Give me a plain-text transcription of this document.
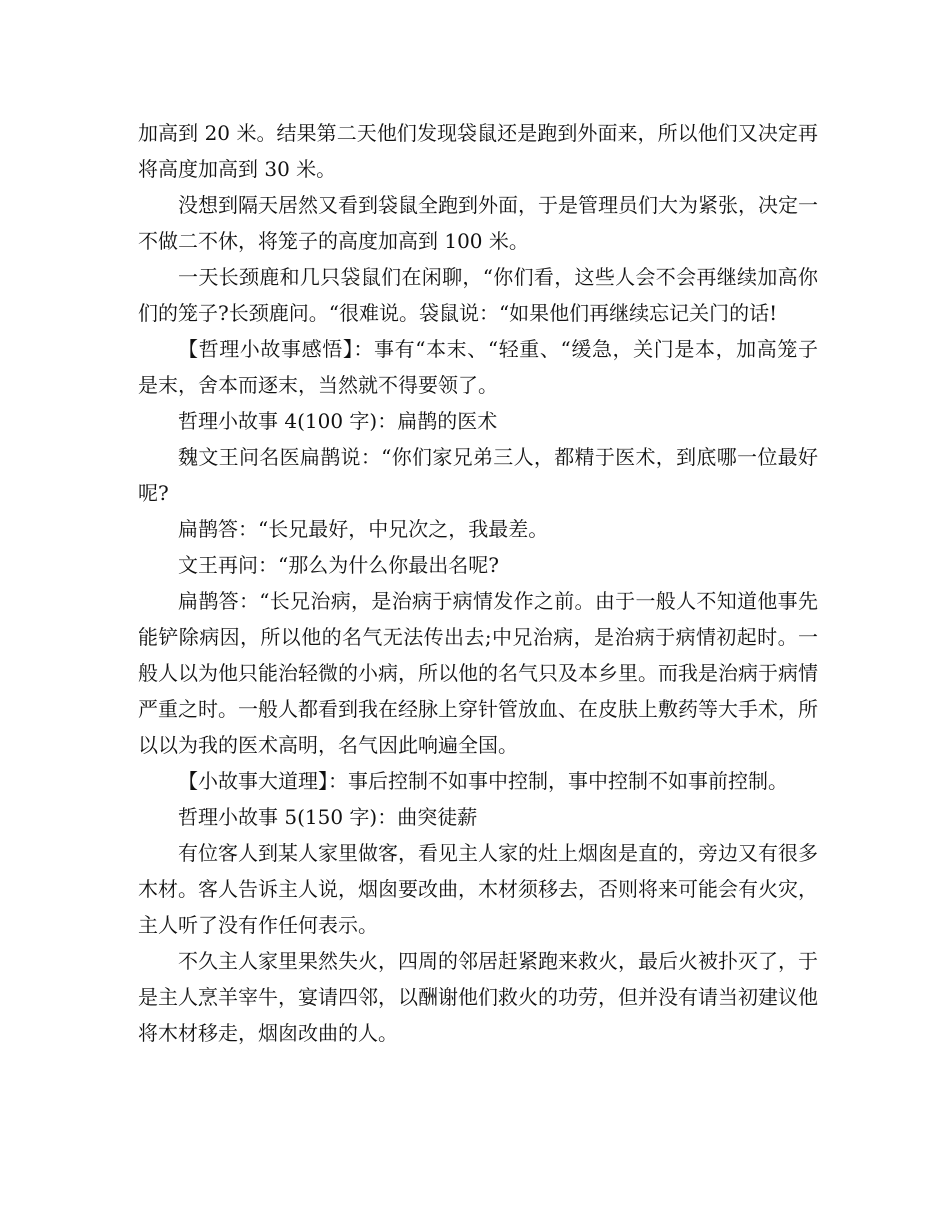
加高到 20 米。结果第二天他们发现袋鼠还是跑到外面来，所以他们又决定再将高度加高到 30 米。

没想到隔天居然又看到袋鼠全跑到外面，于是管理员们大为紧张，决定一不做二不休，将笼子的高度加高到 100 米。

一天长颈鹿和几只袋鼠们在闲聊，“你们看，这些人会不会再继续加高你们的笼子?长颈鹿问。“很难说。袋鼠说：“如果他们再继续忘记关门的话!

【哲理小故事感悟】：事有“本末、“轻重、“缓急，关门是本，加高笼子是末，舍本而逐末，当然就不得要领了。

哲理小故事 4(100 字)：扁鹊的医术

魏文王问名医扁鹊说：“你们家兄弟三人，都精于医术，到底哪一位最好呢?

扁鹊答：“长兄最好，中兄次之，我最差。

文王再问：“那么为什么你最出名呢?

扁鹊答：“长兄治病，是治病于病情发作之前。由于一般人不知道他事先能铲除病因，所以他的名气无法传出去;中兄治病，是治病于病情初起时。一般人以为他只能治轻微的小病，所以他的名气只及本乡里。而我是治病于病情严重之时。一般人都看到我在经脉上穿针管放血、在皮肤上敷药等大手术，所以以为我的医术高明，名气因此响遍全国。

【小故事大道理】：事后控制不如事中控制，事中控制不如事前控制。

哲理小故事 5(150 字)：曲突徒薪

有位客人到某人家里做客，看见主人家的灶上烟囱是直的，旁边又有很多木材。客人告诉主人说，烟囱要改曲，木材须移去，否则将来可能会有火灾，主人听了没有作任何表示。

不久主人家里果然失火，四周的邻居赶紧跑来救火，最后火被扑灭了，于是主人烹羊宰牛，宴请四邻，以酬谢他们救火的功劳，但并没有请当初建议他将木材移走，烟囱改曲的人。
